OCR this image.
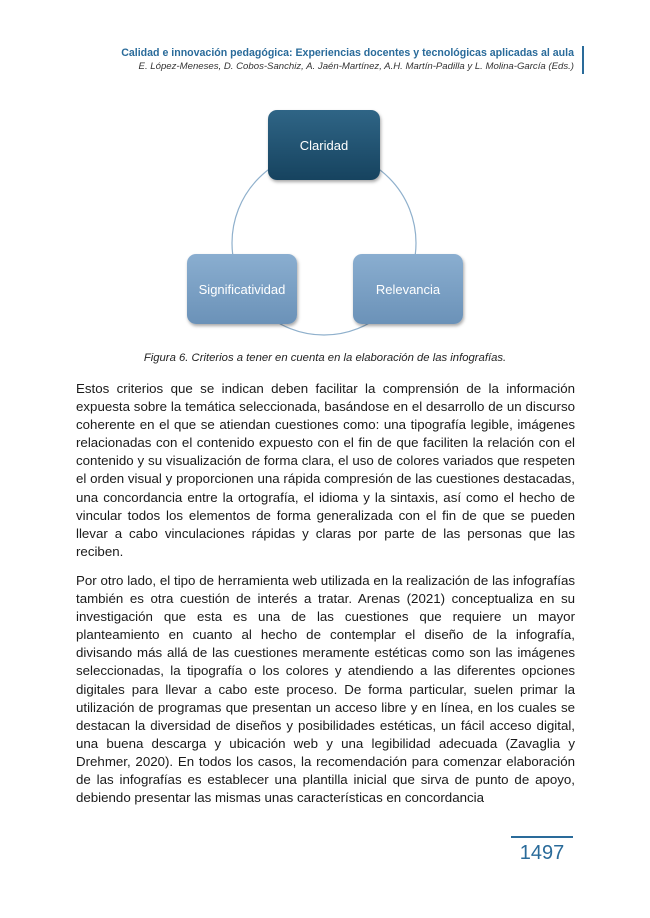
Calidad e innovación pedagógica: Experiencias docentes y tecnológicas aplicadas al aula
E. López-Meneses, D. Cobos-Sanchiz, A. Jaén-Martínez, A.H. Martín-Padilla y L. Molina-García (Eds.)
Claridad
Significatividad	Relevancia
Figura 6. Criterios a tener en cuenta en la elaboración de las infografías.

Estos criterios que se indican deben facilitar la comprensión de la información expuesta sobre la temática seleccionada, basándose en el desarrollo de un discurso coherente en el que se atiendan cuestiones como: una tipografía legible, imágenes relacionadas con el contenido expuesto con el fin de que faciliten la relación con el contenido y su visualización de forma clara, el uso de colores variados que respeten el orden visual y proporcionen una rápida compresión de las cuestiones destacadas, una concordancia entre la ortografía, el idioma y la sintaxis, así como el hecho de vincular todos los elementos de forma generalizada con el fin de que se pueden llevar a cabo vinculaciones rápidas y claras por parte de las personas que las reciben.

Por otro lado, el tipo de herramienta web utilizada en la realización de las infografías también es otra cuestión de interés a tratar. Arenas (2021) conceptualiza en su investigación que esta es una de las cuestiones que requiere un mayor planteamiento en cuanto al hecho de contemplar el diseño de la infografía, divisando más allá de las cuestiones meramente estéticas como son las imágenes seleccionadas, la tipografía o los colores y atendiendo a las diferentes opciones digitales para llevar a cabo este proceso. De forma particular, suelen primar la utilización de programas que presentan un acceso libre y en línea, en los cuales se destacan la diversidad de diseños y posibilidades estéticas, un fácil acceso digital, una buena descarga y ubicación web y una legibilidad adecuada (Zavaglia y Drehmer, 2020). En todos los casos, la recomendación para comenzar elaboración de las infografías es establecer una plantilla inicial que sirva de punto de apoyo, debiendo presentar las mismas unas características en concordancia

1497
